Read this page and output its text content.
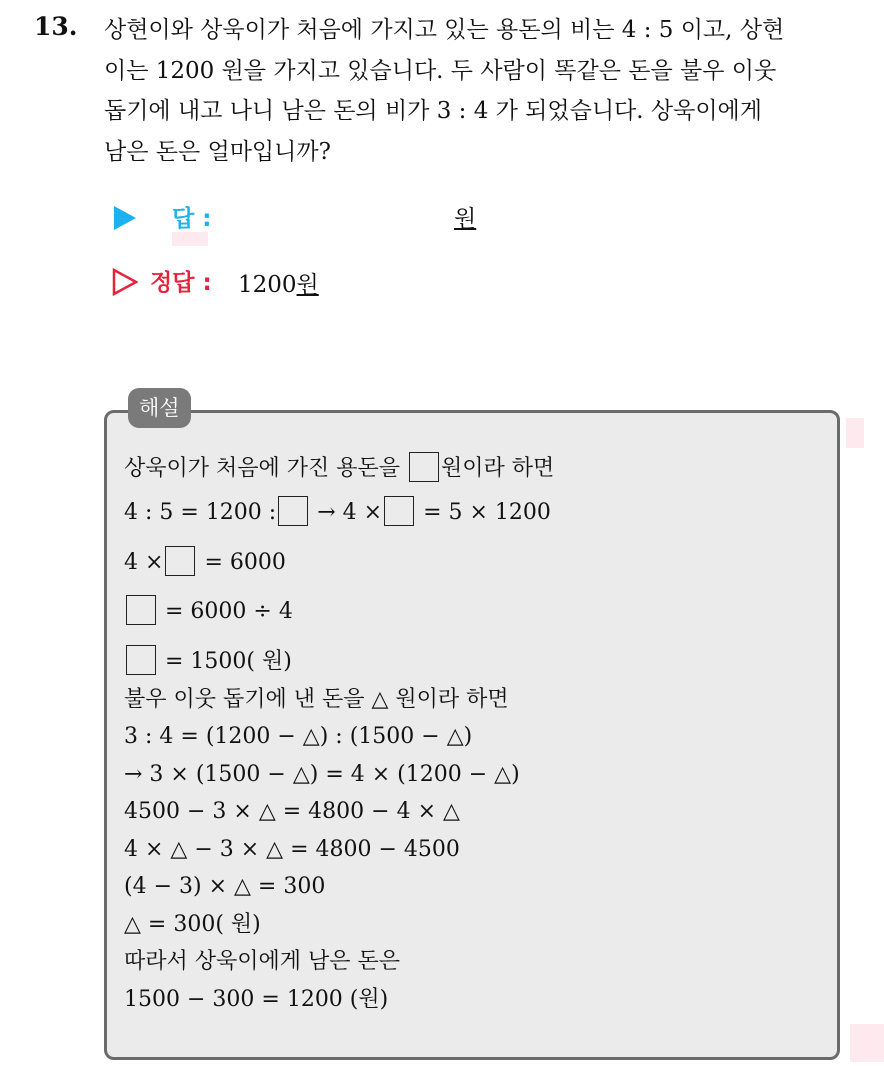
13. 상현이와 상욱이가 처음에 가지고 있는 용돈의 비는 4 : 5 이고, 상현
이는 1200 원을 가지고 있습니다. 두 사람이 똑같은 돈을 불우 이웃
돕기에 내고 나니 남은 돈의 비가 3 : 4 가 되었습니다. 상욱이에게
남은 돈은 얼마입니까?
답 :	원
정답 : 1200원
해설
상욱이가 처음에 가진 용돈을 원이라 하면
4 : 5 = 1200 : → 4 × = 5 × 1200
4 × = 6000
= 6000 ÷ 4
= 1500( 원)
불우 이웃 돕기에 낸 돈을 △ 원이라 하면
3 : 4 = (1200 − △) : (1500 − △)
→ 3 × (1500 − △) = 4 × (1200 − △)
4500 − 3 × △ = 4800 − 4 × △
4 × △ − 3 × △ = 4800 − 4500
(4 − 3) × △ = 300
△ = 300( 원)
따라서 상욱이에게 남은 돈은
1500 − 300 = 1200 (원)
